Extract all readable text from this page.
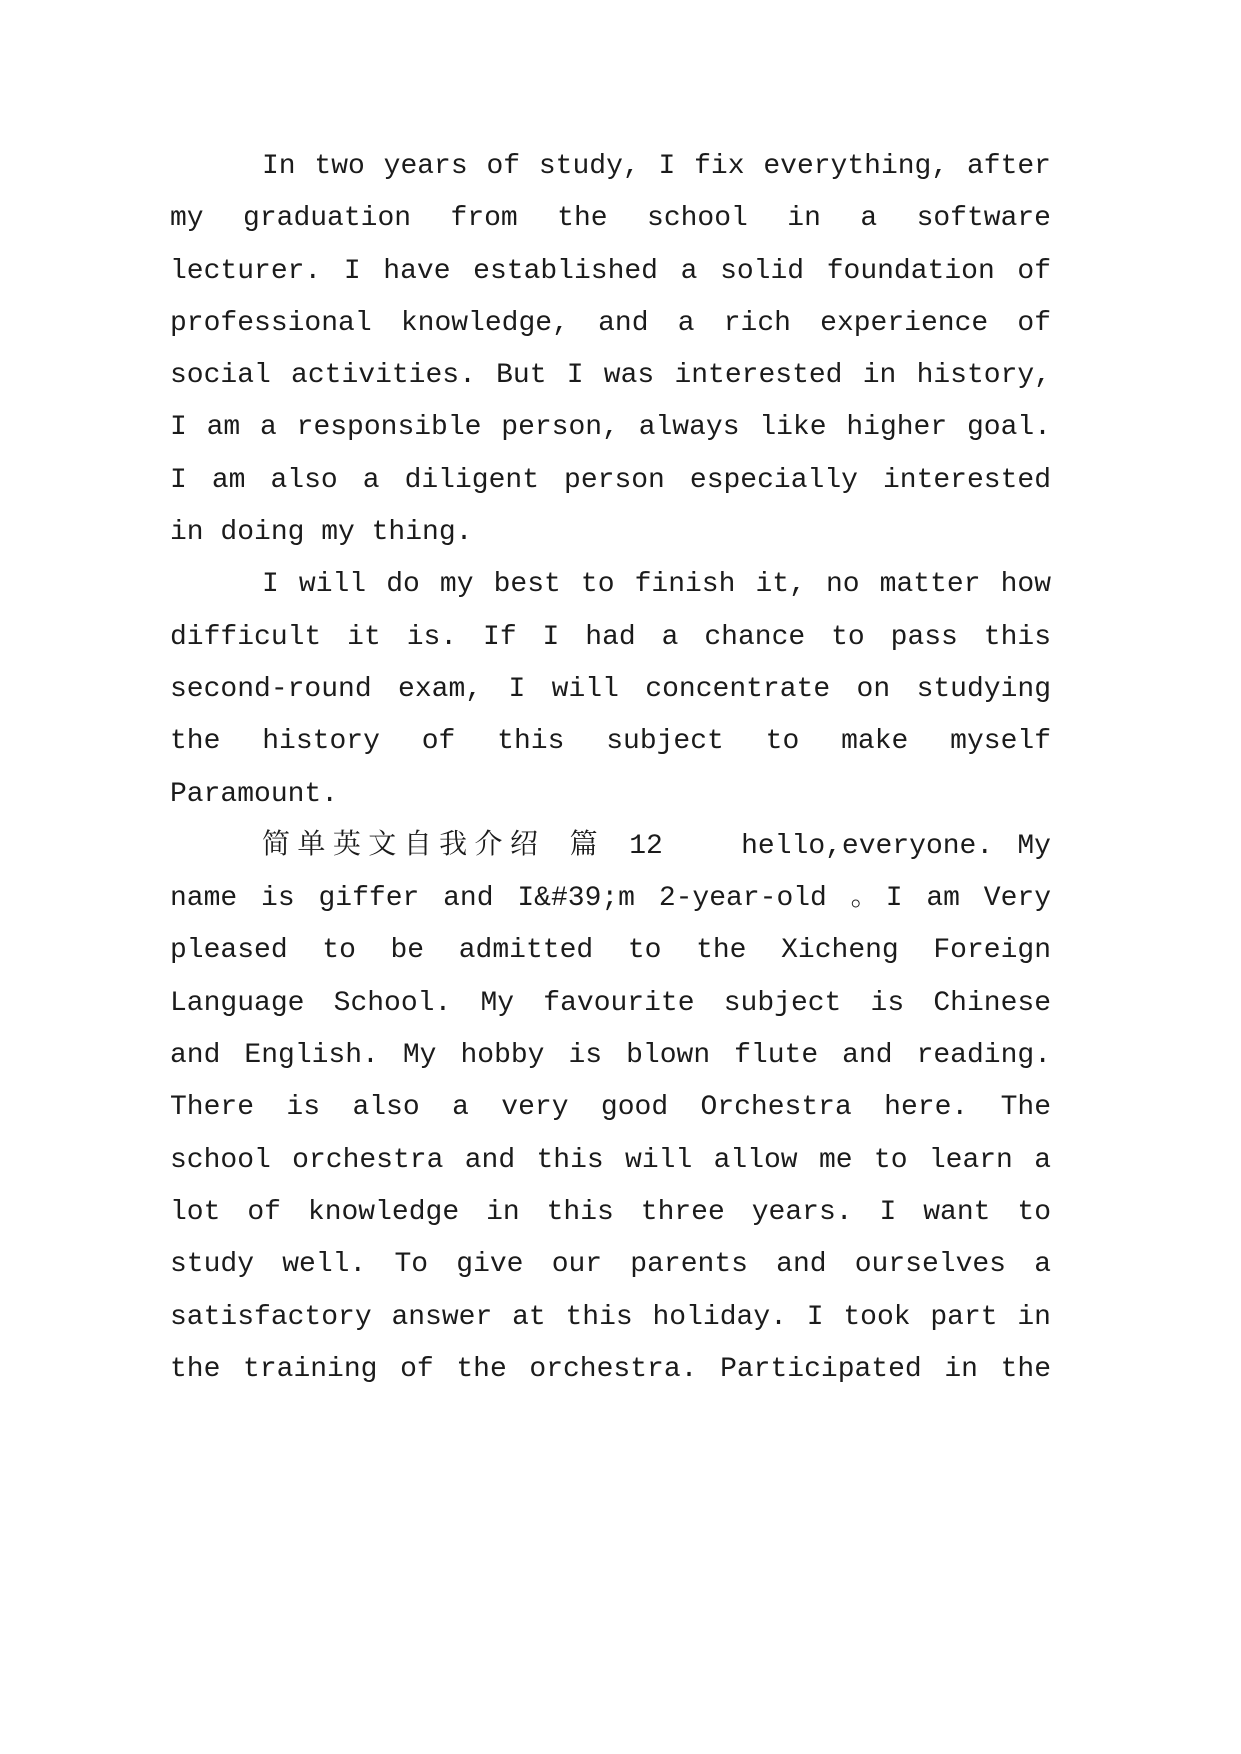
In two years of study, I fix everything, after
my graduation from the school in a software
lecturer. I have established a solid foundation of
professional knowledge, and a rich experience of
social activities. But I was interested in history,
I am a responsible person, always like higher goal.
I am also a diligent person especially interested
in doing my thing.
I will do my best to finish it, no matter how
difficult it is. If I had a chance to pass this
second-round exam, I will concentrate on studying
the history of this subject to make myself
Paramount.
简单英文自我介绍 篇 12　　hello,everyone. My
name is giffer and I&#39;m 2-year-old 。I am Very
pleased to be admitted to the Xicheng Foreign
Language School. My favourite subject is Chinese
and English. My hobby is blown flute and reading.
There is also a very good Orchestra here. The
school orchestra and this will allow me to learn a
lot of knowledge in this three years. I want to
study well. To give our parents and ourselves a
satisfactory answer at this holiday. I took part in
the training of the orchestra. Participated in the
